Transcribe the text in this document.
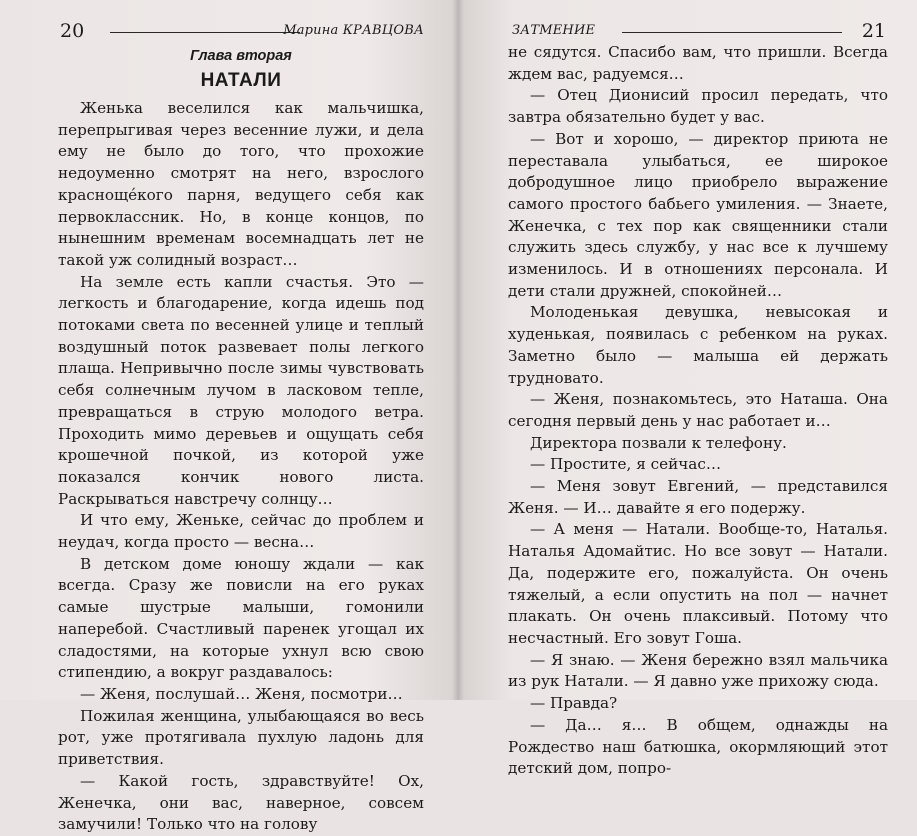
20	Марина КРАВЦОВА
Глава вторая
НАТАЛИ

Женька веселился как мальчишка, перепрыгивая через весенние лужи, и дела ему не было до того, что прохожие недоуменно смотрят на него, взрослого красноще́кого парня, ведущего себя как первоклассник. Но, в конце концов, по нынешним временам восемнадцать лет не такой уж солидный возраст…

На земле есть капли счастья. Это — легкость и благодарение, когда идешь под потоками света по весенней улице и теплый воздушный поток развевает полы легкого плаща. Непривычно после зимы чувствовать себя солнечным лучом в ласковом тепле, превращаться в струю молодого ветра. Проходить мимо деревьев и ощущать себя крошечной почкой, из которой уже показался кончик нового листа. Раскрываться навстречу солнцу…

И что ему, Женьке, сейчас до проблем и неудач, когда просто — весна…

В детском доме юношу ждали — как всегда. Сразу же повисли на его руках самые шустрые малыши, гомонили наперебой. Счастливый паренек угощал их сладостями, на которые ухнул всю свою стипендию, а вокруг раздавалось:

— Женя, послушай… Женя, посмотри…

Пожилая женщина, улыбающаяся во весь рот, уже протягивала пухлую ладонь для приветствия.

— Какой гость, здравствуйте! Ох, Женечка, они вас, наверное, совсем замучили! Только что на голову

ЗАТМЕНИЕ	21

не сядутся. Спасибо вам, что пришли. Всегда ждем вас, радуемся…

— Отец Дионисий просил передать, что завтра обязательно будет у вас.

— Вот и хорошо, — директор приюта не переставала улыбаться, ее широкое добродушное лицо приобрело выражение самого простого бабьего умиления. — Знаете, Женечка, с тех пор как священники стали служить здесь службу, у нас все к лучшему изменилось. И в отношениях персонала. И дети стали дружней, спокойней…

Молоденькая девушка, невысокая и худенькая, появилась с ребенком на руках. Заметно было — малыша ей держать трудновато.

— Женя, познакомьтесь, это Наташа. Она сегодня первый день у нас работает и…

Директора позвали к телефону.

— Простите, я сейчас…

— Меня зовут Евгений, — представился Женя. — И… давайте я его подержу.

— А меня — Натали. Вообще-то, Наталья. Наталья Адомайтис. Но все зовут — Натали. Да, подержите его, пожалуйста. Он очень тяжелый, а если опустить на пол — начнет плакать. Он очень плаксивый. Потому что несчастный. Его зовут Гоша.

— Я знаю. — Женя бережно взял мальчика из рук Натали. — Я давно уже прихожу сюда.

— Правда?

— Да… я… В общем, однажды на Рождество наш батюшка, окормляющий этот детский дом, попро-
